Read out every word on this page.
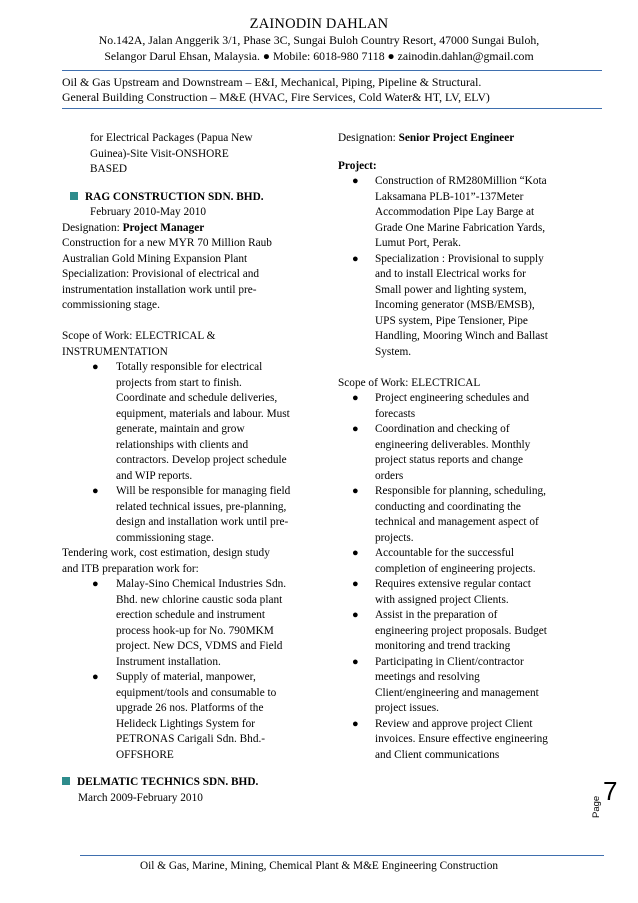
ZAINODIN DAHLAN
No.142A, Jalan Anggerik 3/1, Phase 3C, Sungai Buloh Country Resort, 47000 Sungai Buloh,
Selangor Darul Ehsan, Malaysia. ● Mobile: 6018-980 7118 ● zainodin.dahlan@gmail.com
Oil & Gas Upstream and Downstream – E&I, Mechanical, Piping, Pipeline & Structural.
General Building Construction – M&E (HVAC, Fire Services, Cold Water& HT, LV, ELV)

for Electrical Packages (Papua New

Guinea)-Site Visit-ONSHORE

BASED

RAG CONSTRUCTION SDN. BHD.

February 2010-May 2010

Designation: Project Manager

Construction for a new MYR 70 Million Raub

Australian Gold Mining Expansion Plant

Specialization: Provisional of electrical and

instrumentation installation work until pre-

commissioning stage.

Scope of Work: ELECTRICAL &

INSTRUMENTATION

● Totally responsible for electrical

projects from start to finish.

Coordinate and schedule deliveries,

equipment, materials and labour. Must

generate, maintain and grow

relationships with clients and

contractors. Develop project schedule

and WIP reports.

● Will be responsible for managing field

related technical issues, pre-planning,

design and installation work until pre-

commissioning stage.

Tendering work, cost estimation, design study

and ITB preparation work for:

● Malay-Sino Chemical Industries Sdn.

Bhd. new chlorine caustic soda plant

erection schedule and instrument

process hook-up for No. 790MKM

project. New DCS, VDMS and Field

Instrument installation.

● Supply of material, manpower,

equipment/tools and consumable to

upgrade 26 nos. Platforms of the

Helideck Lightings System for

PETRONAS Carigali Sdn. Bhd.-

OFFSHORE

DELMATIC TECHNICS SDN. BHD.

March 2009-February 2010

Designation: Senior Project Engineer

Project:

● Construction of RM280Million “Kota

Laksamana PLB-101”-137Meter

Accommodation Pipe Lay Barge at

Grade One Marine Fabrication Yards,

Lumut Port, Perak.

● Specialization : Provisional to supply

and to install Electrical works for

Small power and lighting system,

Incoming generator (MSB/EMSB),

UPS system, Pipe Tensioner, Pipe

Handling, Mooring Winch and Ballast

System.

Scope of Work: ELECTRICAL

● Project engineering schedules and

forecasts

● Coordination and checking of

engineering deliverables. Monthly

project status reports and change

orders

● Responsible for planning, scheduling,

conducting and coordinating the

technical and management aspect of

projects.

● Accountable for the successful

completion of engineering projects.

● Requires extensive regular contact

with assigned project Clients.

● Assist in the preparation of

engineering project proposals. Budget

monitoring and trend tracking

● Participating in Client/contractor

meetings and resolving

Client/engineering and management

project issues.

● Review and approve project Client

invoices. Ensure effective engineering

and Client communications

Page
7
Oil & Gas, Marine, Mining, Chemical Plant & M&E Engineering Construction
